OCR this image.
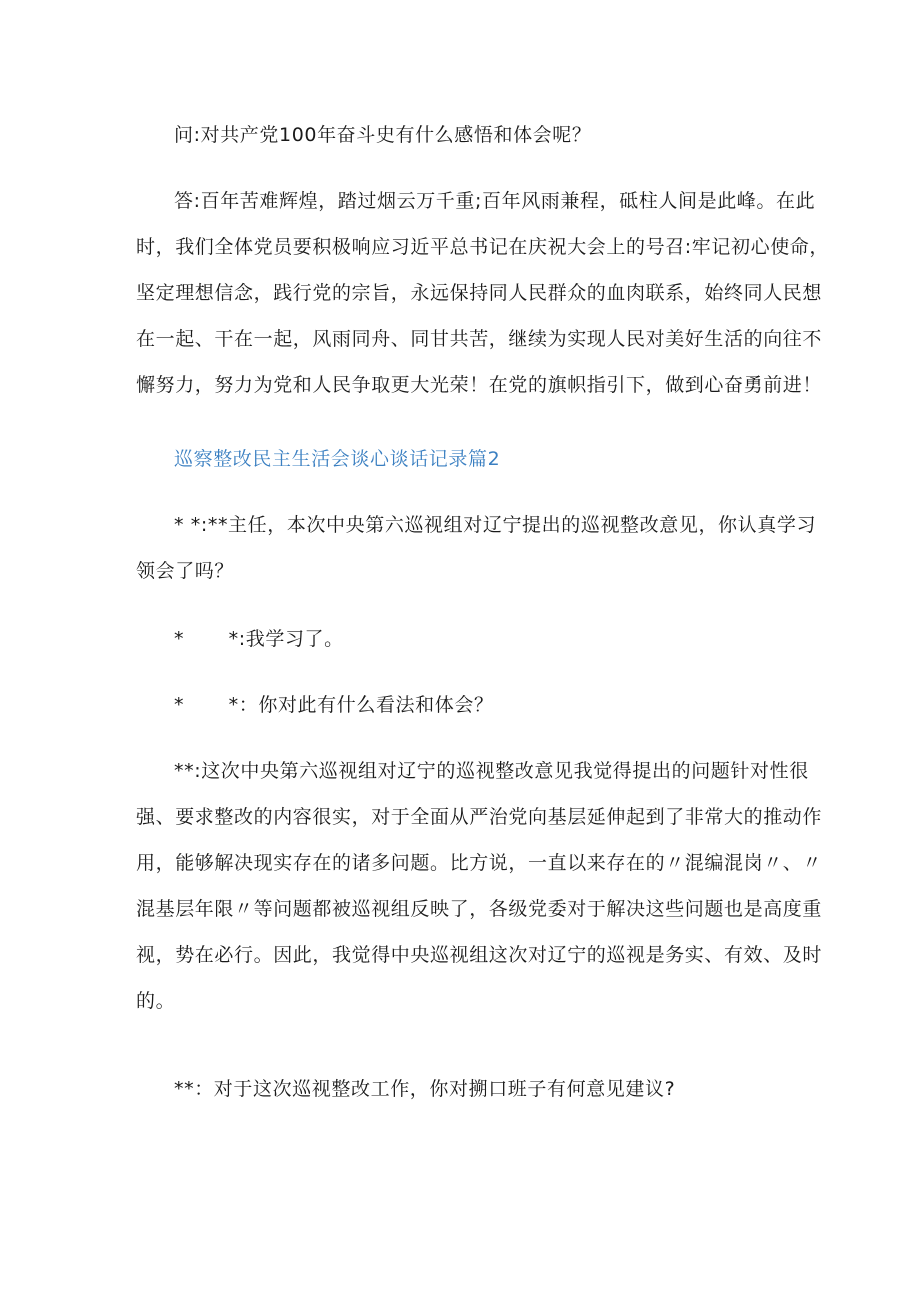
问:对共产党100年奋斗史有什么感悟和体会呢？

答:百年苦难辉煌，踏过烟云万千重;百年风雨兼程，砥柱人间是此峰。在此
时，我们全体党员要积极响应习近平总书记在庆祝大会上的号召:牢记初心使命，
坚定理想信念，践行党的宗旨，永远保持同人民群众的血肉联系，始终同人民想
在一起、干在一起，风雨同舟、同甘共苦，继续为实现人民对美好生活的向往不
懈努力，努力为党和人民争取更大光荣！在党的旗帜指引下，做到心奋勇前进！

巡察整改民主生活会谈心谈话记录篇2

* *:**主任，本次中央第六巡视组对辽宁提出的巡视整改意见，你认真学习
领会了吗？

* *:我学习了。
* *：你对此有什么看法和体会？

**:这次中央第六巡视组对辽宁的巡视整改意见我觉得提出的问题针对性很
强、要求整改的内容很实，对于全面从严治党向基层延伸起到了非常大的推动作
用，能够解决现实存在的诸多问题。比方说，一直以来存在的〃混编混岗〃、〃
混基层年限〃等问题都被巡视组反映了，各级党委对于解决这些问题也是高度重
视，势在必行。因此，我觉得中央巡视组这次对辽宁的巡视是务实、有效、及时
的。

**：对于这次巡视整改工作，你对搠口班子有何意见建议?
